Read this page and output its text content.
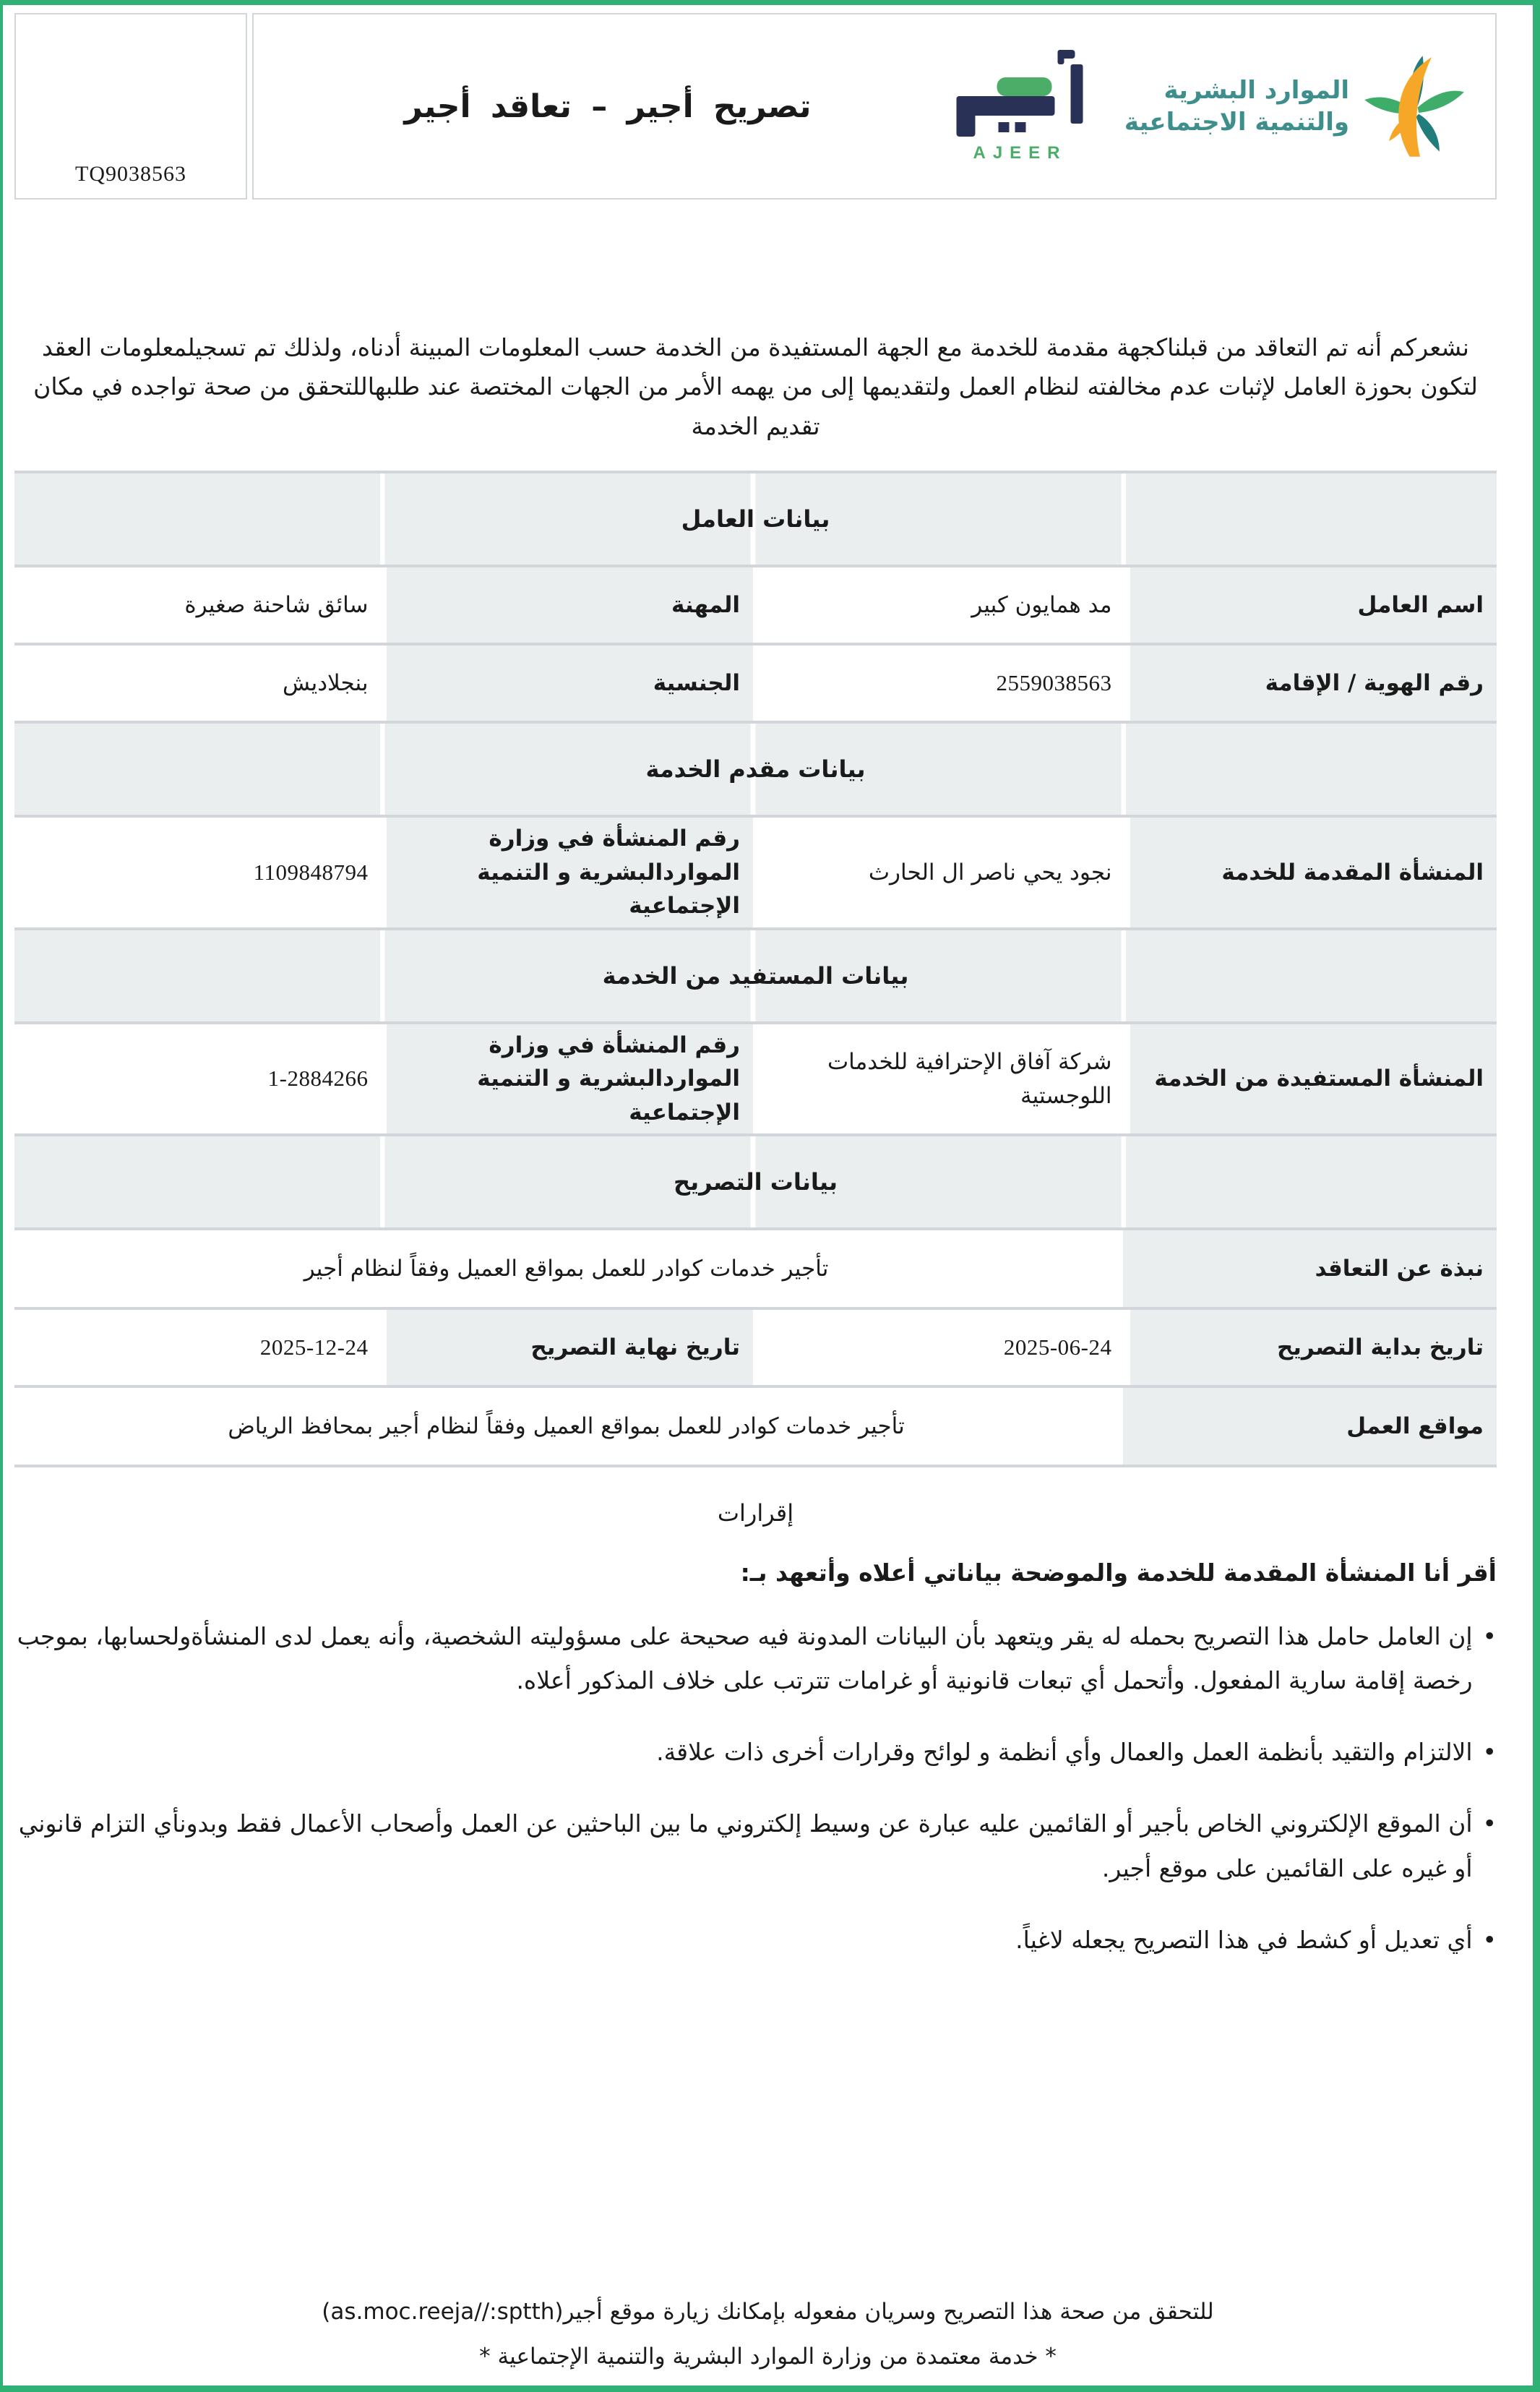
الموارد البشرية
والتنمية الاجتماعية
AJEER
تصريح أجير – تعاقد أجير
TQ9038563
نشعركم أنه تم التعاقد من قبلناكجهة مقدمة للخدمة مع الجهة المستفيدة من الخدمة حسب المعلومات المبينة أدناه، ولذلك تم تسجيلمعلومات العقد لتكون بحوزة العامل لإثبات عدم مخالفته لنظام العمل ولتقديمها إلى من يهمه الأمر من الجهات المختصة عند طلبهاللتحقق من صحة تواجده في مكان تقديم الخدمة
بيانات العامل
اسم العامل
مد همايون كبير
المهنة
سائق شاحنة صغيرة
رقم الهوية / الإقامة
2559038563
الجنسية
بنجلاديش
بيانات مقدم الخدمة
المنشأة المقدمة للخدمة
نجود يحي ناصر ال الحارث
رقم المنشأة في وزارة المواردالبشرية و التنمية الإجتماعية
1109848794
بيانات المستفيد من الخدمة
المنشأة المستفيدة من الخدمة
شركة آفاق الإحترافية للخدمات اللوجستية
رقم المنشأة في وزارة المواردالبشرية و التنمية الإجتماعية
1-2884266
بيانات التصريح
نبذة عن التعاقد
تأجير خدمات كوادر للعمل بمواقع العميل وفقاً لنظام أجير
تاريخ بداية التصريح
2025-06-24
تاريخ نهاية التصريح
2025-12-24
مواقع العمل
تأجير خدمات كوادر للعمل بمواقع العميل وفقاً لنظام أجير بمحافظ الرياض
إقرارات
أقر أنا المنشأة المقدمة للخدمة والموضحة بياناتي أعلاه وأتعهد بـ:
•
إن العامل حامل هذا التصريح بحمله له يقر ويتعهد بأن البيانات المدونة فيه صحيحة على مسؤوليته الشخصية، وأنه يعمل لدى المنشأةولحسابها، بموجب رخصة إقامة سارية المفعول. وأتحمل أي تبعات قانونية أو غرامات تترتب على خلاف المذكور أعلاه.
•
الالتزام والتقيد بأنظمة العمل والعمال وأي أنظمة و لوائح وقرارات أخرى ذات علاقة.
•
أن الموقع الإلكتروني الخاص بأجير أو القائمين عليه عبارة عن وسيط إلكتروني ما بين الباحثين عن العمل وأصحاب الأعمال فقط وبدونأي التزام قانوني أو غيره على القائمين على موقع أجير.
•
أي تعديل أو كشط في هذا التصريح يجعله لاغياً.
للتحقق من صحة هذا التصريح وسريان مفعوله بإمكانك زيارة موقع أجير(as.moc.reeja//:sptth)
* خدمة معتمدة من وزارة الموارد البشرية والتنمية الإجتماعية *
